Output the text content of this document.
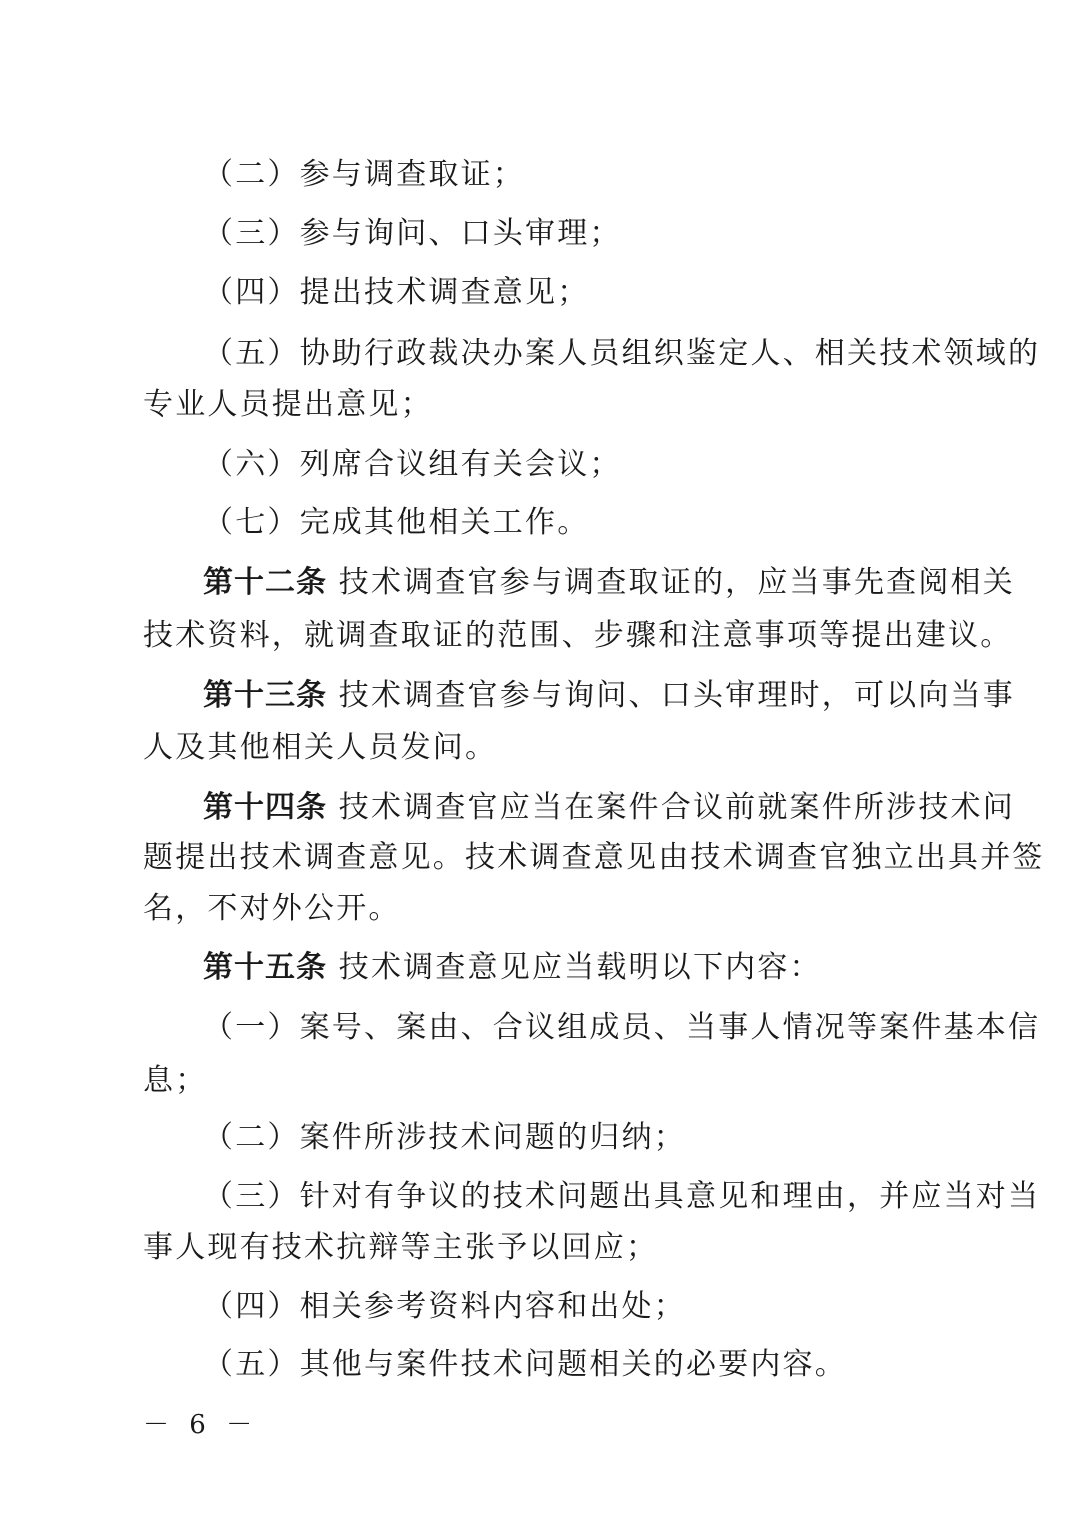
（二）参与调查取证；
（三）参与询问、口头审理；
（四）提出技术调查意见；
（五）协助行政裁决办案人员组织鉴定人、相关技术领域的
专业人员提出意见；
（六）列席合议组有关会议；
（七）完成其他相关工作。
第十二条 技术调查官参与调查取证的，应当事先查阅相关
技术资料，就调查取证的范围、步骤和注意事项等提出建议。
第十三条 技术调查官参与询问、口头审理时，可以向当事
人及其他相关人员发问。
第十四条 技术调查官应当在案件合议前就案件所涉技术问
题提出技术调查意见。技术调查意见由技术调查官独立出具并签
名，不对外公开。
第十五条 技术调查意见应当载明以下内容：
（一）案号、案由、合议组成员、当事人情况等案件基本信
息；
（二）案件所涉技术问题的归纳；
（三）针对有争议的技术问题出具意见和理由，并应当对当
事人现有技术抗辩等主张予以回应；
（四）相关参考资料内容和出处；
（五）其他与案件技术问题相关的必要内容。
－ 6 －
